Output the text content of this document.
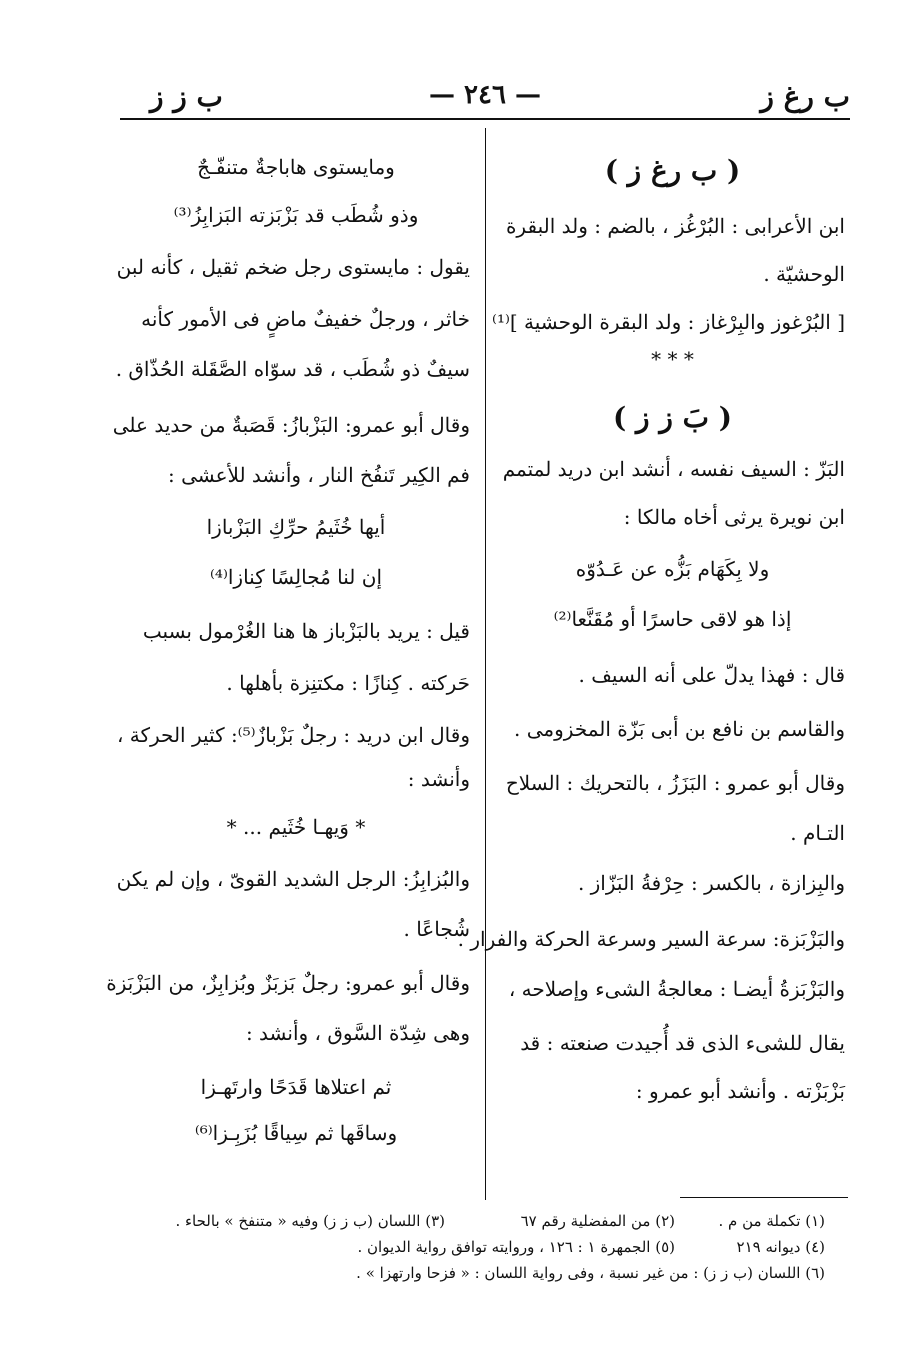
ب رغ ز
— ٢٤٦ —
ب ز ز

( ب رغ ز )

ابن الأعرابى : البُرْغُز ، بالضم : ولد البقرة

الوحشيّة .

[ البُرْغوز والبِرْغاز : ولد البقرة الوحشية ]⁽¹⁾

* * *

( بَ ز ز )

البَزّ : السيف نفسه ، أنشد ابن دريد لمتمم

ابن نويرة يرثى أخاه مالكا :

ولا بِكَهَام بَزُّه عن عَـدُوّه

إذا هو لاقى حاسرًا أو مُقَنَّعا⁽²⁾

قال : فهذا يدلّ على أنه السيف .

والقاسم بن نافع بن أبى بَزّة المخزومى .

وقال أبو عمرو : البَزَزُ ، بالتحريك : السلاح

التـام .

والبِزازة ، بالكسر : حِرْفةُ البَزّاز .

والبَزْبَزة: سرعة السير وسرعة الحركة والفرار .

والبَزْبَزةُ أيضـا : معالجةُ الشىء وإصلاحه ،

يقال للشىء الذى قد أُجيدت صنعته : قد

بَزْبَزْته . وأنشد أبو عمرو :

ومايستوى هاباجةٌ متنفّـجٌ

وذو شُطَب قد بَزْبَزته البَزابِزُ⁽³⁾

يقول : مايستوى رجل ضخم ثقيل ، كأنه لبن

خاثر ، ورجلٌ خفيفٌ ماضٍ فى الأمور كأنه

سيفٌ ذو شُطَب ، قد سوّاه الصَّقَلة الحُذّاق .

وقال أبو عمرو: البَزْبازُ: قَصَبةٌ من حديد على

فم الكِير تَنفُخ النار ، وأنشد للأعشى :

أيها خُثَيمُ حرِّكِ البَزْبازا

إن لنا مُجالِسًا كِنازا⁽⁴⁾

قيل : يريد بالبَزْباز ها هنا الغُرْمول بسبب

حَركته . كِنازًا : مكتنِزة بأهلها .

وقال ابن دريد : رجلٌ بَزْبازٌ⁽⁵⁾: كثير الحركة ،

وأنشد :

* وَيهـا خُثَيم ... *

والبُزابِزُ: الرجل الشديد القوىّ ، وإن لم يكن

شُجاعًا .

وقال أبو عمرو: رجلٌ بَزبَزٌ وبُزابِزٌ، من البَزْبَزة

وهى شِدّة السَّوق ، وأنشد :

ثم اعتلاها قَدَحًا وارتَهـزا

وساقَها ثم سِياقًا بُزَبِـزا⁽⁶⁾

(١) تكملة من م .
(٢) من المفضلية رقم ٦٧
(٣) اللسان (ب ز ز) وفيه « متنفخ » بالحاء .
(٤) ديوانه ٢١٩
(٥) الجمهرة ١ : ١٢٦ ، وروايته توافق رواية الديوان .
(٦) اللسان (ب ز ز) : من غير نسبة ، وفى رواية اللسان : « فزحا وارتهزا » .
